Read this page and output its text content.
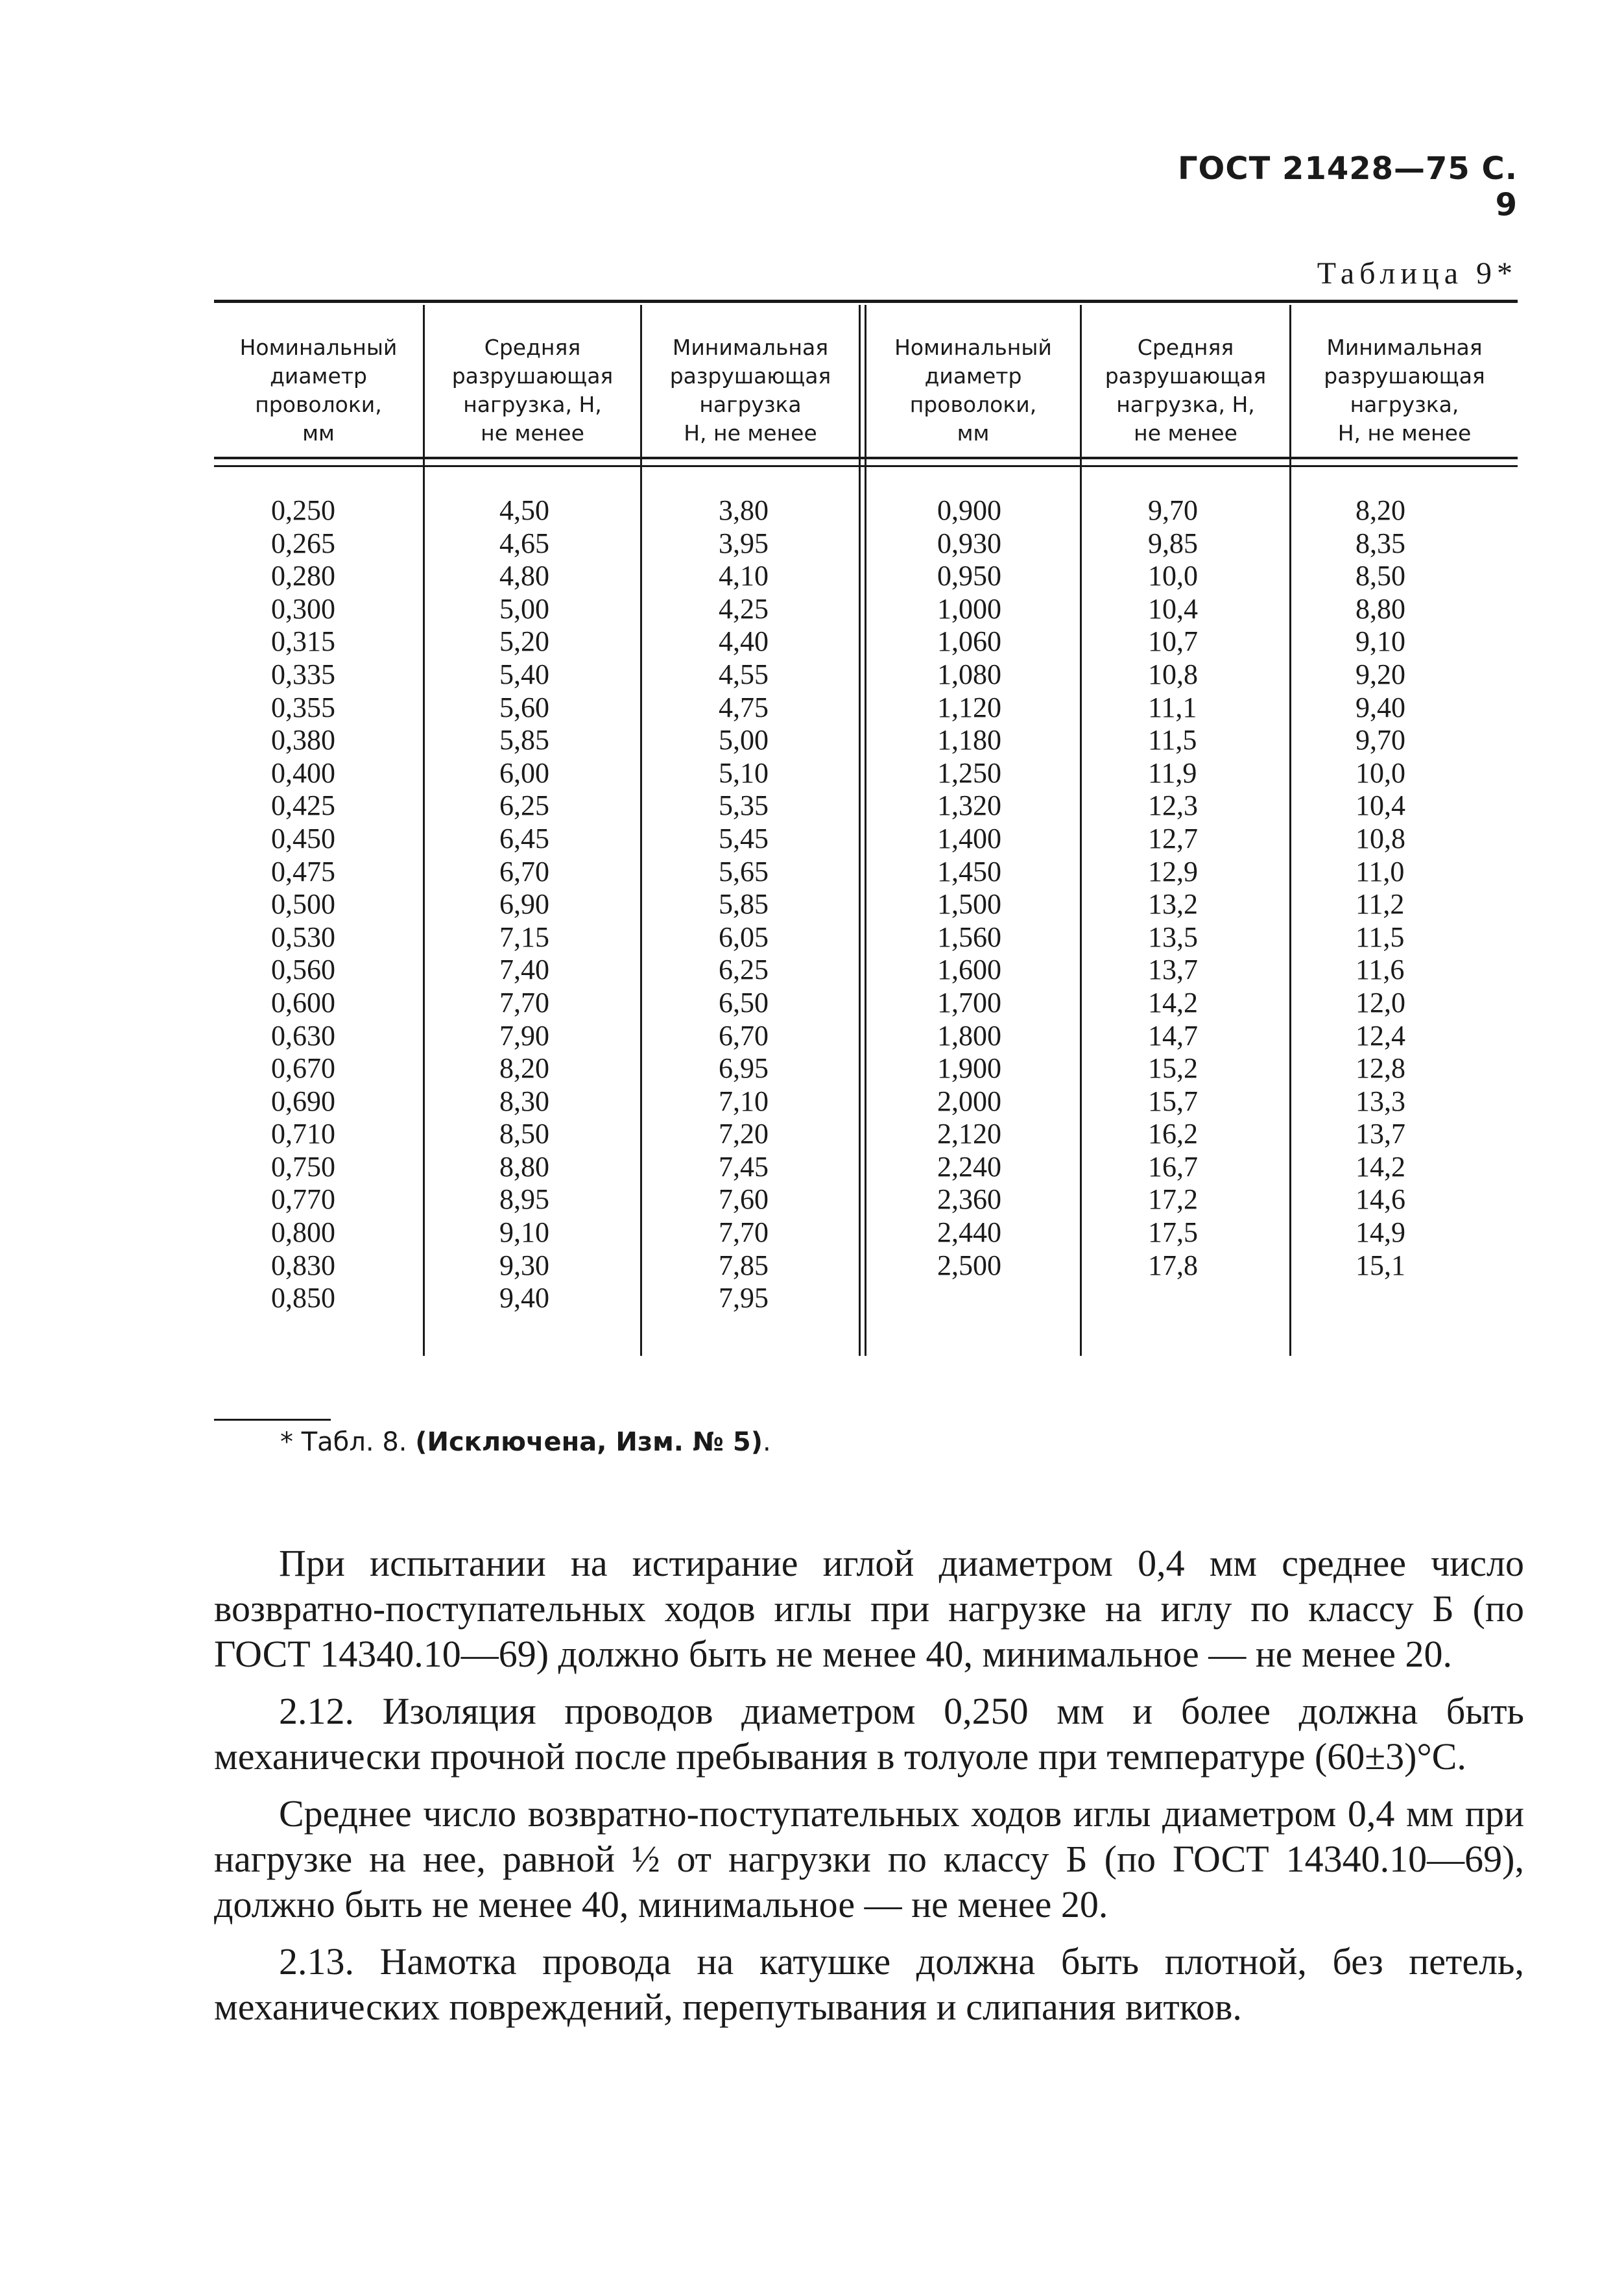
ГОСТ 21428—75 С. 9
Таблица 9*
Номинальный
диаметр
проволоки,
мм
Средняя
разрушающая
нагрузка, Н,
не менее
Минимальная
разрушающая
нагрузка
Н, не менее
Номинальный
диаметр
проволоки,
мм
Средняя
разрушающая
нагрузка, Н,
не менее
Минимальная
разрушающая
нагрузка,
Н, не менее
0,250
0,265
0,280
0,300
0,315
0,335
0,355
0,380
0,400
0,425
0,450
0,475
0,500
0,530
0,560
0,600
0,630
0,670
0,690
0,710
0,750
0,770
0,800
0,830
0,850
4,50
4,65
4,80
5,00
5,20
5,40
5,60
5,85
6,00
6,25
6,45
6,70
6,90
7,15
7,40
7,70
7,90
8,20
8,30
8,50
8,80
8,95
9,10
9,30
9,40
3,80
3,95
4,10
4,25
4,40
4,55
4,75
5,00
5,10
5,35
5,45
5,65
5,85
6,05
6,25
6,50
6,70
6,95
7,10
7,20
7,45
7,60
7,70
7,85
7,95
0,900
0,930
0,950
1,000
1,060
1,080
1,120
1,180
1,250
1,320
1,400
1,450
1,500
1,560
1,600
1,700
1,800
1,900
2,000
2,120
2,240
2,360
2,440
2,500
9,70
9,85
10,0
10,4
10,7
10,8
11,1
11,5
11,9
12,3
12,7
12,9
13,2
13,5
13,7
14,2
14,7
15,2
15,7
16,2
16,7
17,2
17,5
17,8
8,20
8,35
8,50
8,80
9,10
9,20
9,40
9,70
10,0
10,4
10,8
11,0
11,2
11,5
11,6
12,0
12,4
12,8
13,3
13,7
14,2
14,6
14,9
15,1
* Табл. 8. (Исключена, Изм. № 5).

При испытании на истирание иглой диаметром 0,4 мм среднее число возвратно-поступательных ходов иглы при нагрузке на иглу по классу Б (по ГОСТ 14340.10—69) должно быть не менее 40, минимальное — не менее 20.

2.12. Изоляция проводов диаметром 0,250 мм и более должна быть механически прочной после пребывания в толуоле при температуре (60±3)°С.

Среднее число возвратно-поступательных ходов иглы диаметром 0,4 мм при нагрузке на нее, равной ½ от нагрузки по классу Б (по ГОСТ 14340.10—69), должно быть не менее 40, минимальное — не менее 20.

2.13. Намотка провода на катушке должна быть плотной, без петель, механических повреждений, перепутывания и слипания витков.
